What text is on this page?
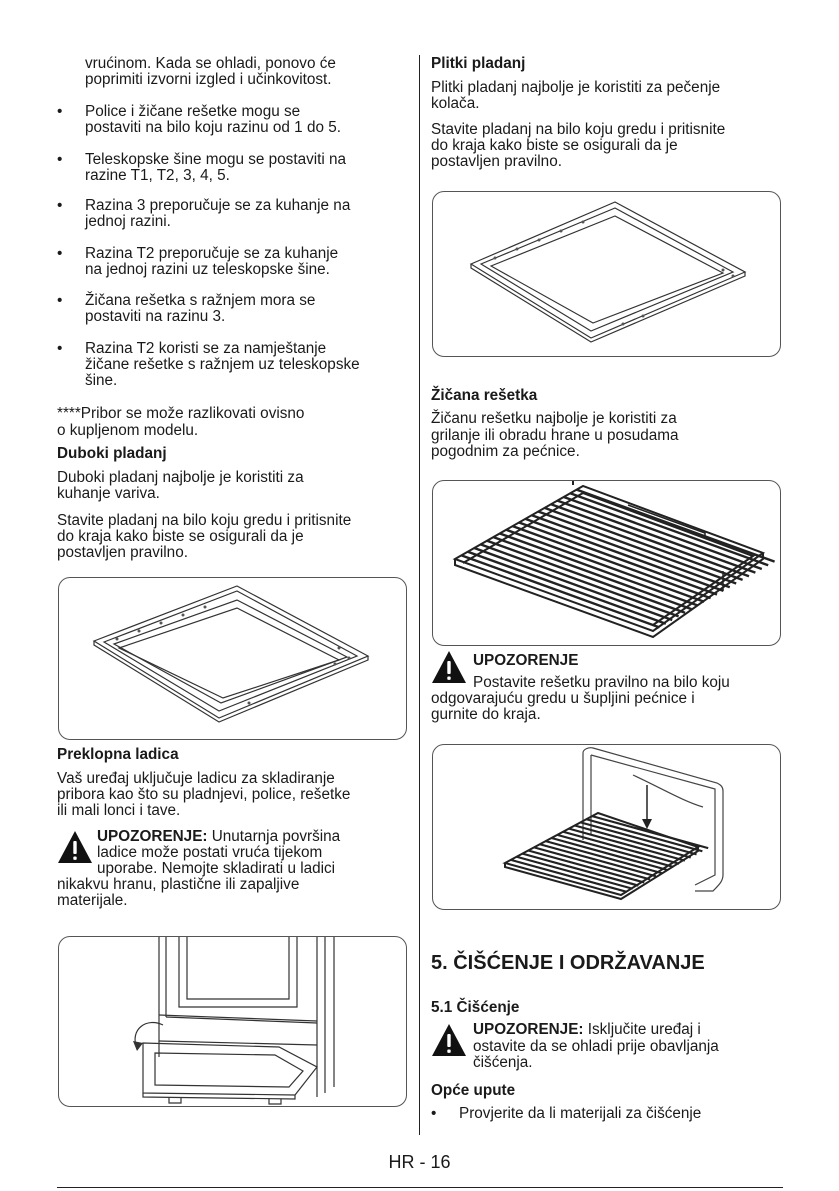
vrućinom. Kada se ohladi, ponovo će

poprimiti izvorni izgled i učinkovitost.

• Police i žičane rešetke mogu se

postaviti na bilo koju razinu od 1 do 5.

• Teleskopske šine mogu se postaviti na

razine T1, T2, 3, 4, 5.

• Razina 3 preporučuje se za kuhanje na

jednoj razini.

• Razina T2 preporučuje se za kuhanje

na jednoj razini uz teleskopske šine.

• Žičana rešetka s ražnjem mora se

postaviti na razinu 3.

• Razina T2 koristi se za namještanje

žičane rešetke s ražnjem uz teleskopske

šine.

****Pribor se može razlikovati ovisno

o kupljenom modelu.

Duboki pladanj

Duboki pladanj najbolje je koristiti za

kuhanje variva.

Stavite pladanj na bilo koju gredu i pritisnite

do kraja kako biste se osigurali da je

postavljen pravilno.

Preklopna ladica

Vaš uređaj uključuje ladicu za skladiranje

pribora kao što su pladnjevi, police, rešetke

ili mali lonci i tave.

UPOZORENJE: Unutarnja površina

ladice može postati vruća tijekom

uporabe. Nemojte skladirati u ladici

nikakvu hranu, plastične ili zapaljive

materijale.

Plitki pladanj

Plitki pladanj najbolje je koristiti za pečenje

kolača.

Stavite pladanj na bilo koju gredu i pritisnite

do kraja kako biste se osigurali da je

postavljen pravilno.

Žičana rešetka

Žičanu rešetku najbolje je koristiti za

grilanje ili obradu hrane u posudama

pogodnim za pećnice.

UPOZORENJE

Postavite rešetku pravilno na bilo koju

odgovarajuću gredu u šupljini pećnice i

gurnite do kraja.

5. ČIŠĆENJE I ODRŽAVANJE

5.1 Čišćenje

UPOZORENJE: Isključite uređaj i

ostavite da se ohladi prije obavljanja

čišćenja.

Opće upute

• Provjerite da li materijali za čišćenje

HR - 16
